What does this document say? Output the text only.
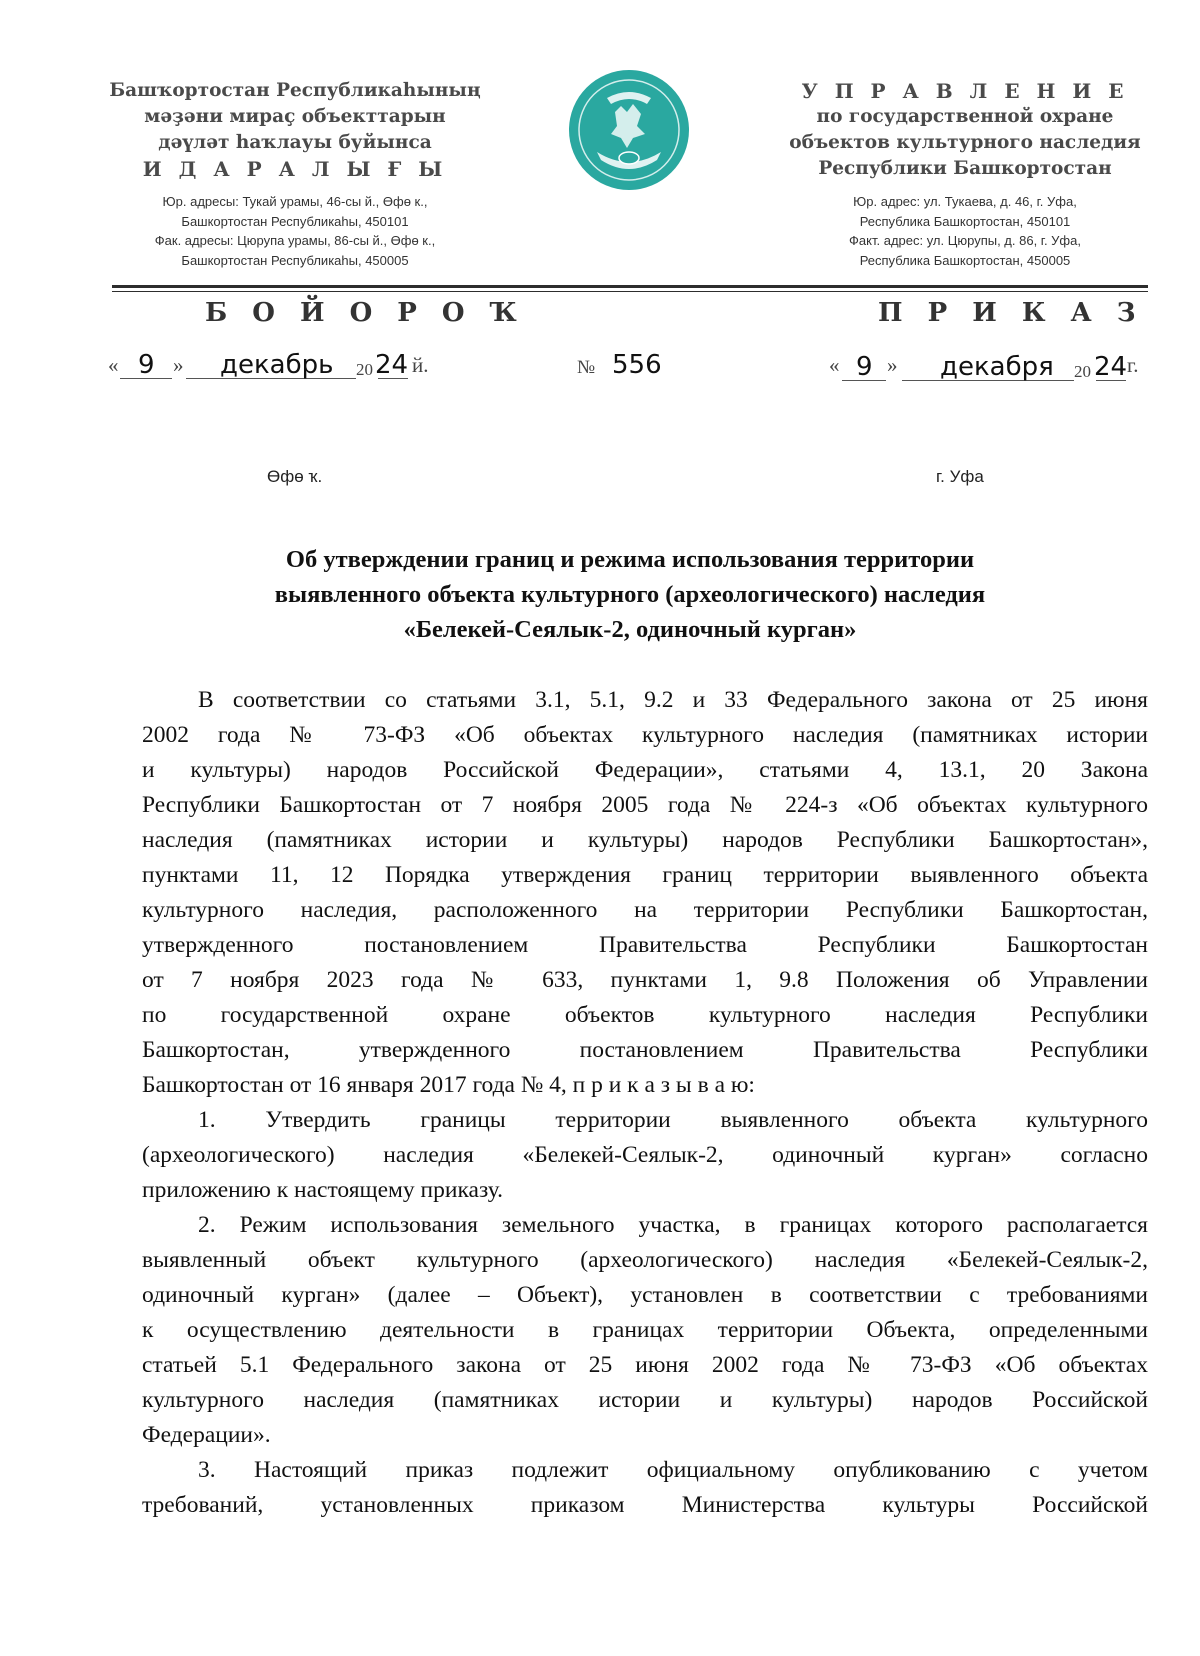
Башҡортостан Республикаһының
мәҙәни мираҫ объекттарын
дәүләт һаҡлауы буйынса
И Д А Р А Л Ы Ғ Ы
Юр. адресы: Тукай урамы, 46-сы й., Өфө к.,
Башкортостан Республикаhы, 450101
Фак. адресы: Цюрупа урамы, 86-сы й., Өфө к.,
Башкортостан Республикаhы, 450005
У П Р А В Л Е Н И Е
по государственной охране
объектов культурного наследия
Республики Башкортостан
Юр. адрес: ул. Тукаева, д. 46, г. Уфа,
Республика Башкортостан, 450101
Факт. адрес: ул. Цюрупы, д. 86, г. Уфа,
Республика Башкортостан, 450005
Б О Й О Р О Ҡ	П Р И К А З
« 9 » декабрь 20 24 й.	№ 556	« 9 » декабря 20 24 г.
Өфө ҡ.	г. Уфа
Об утверждении границ и режима использования территории
выявленного объекта культурного (археологического) наследия
«Белекей-Сеялык-2, одиночный курган»
В соответствии со статьями 3.1, 5.1, 9.2 и 33 Федерального закона от 25 июня
2002 года № 73-ФЗ «Об объектах культурного наследия (памятниках истории
и культуры) народов Российской Федерации», статьями 4, 13.1, 20 Закона
Республики Башкортостан от 7 ноября 2005 года № 224-з «Об объектах культурного
наследия (памятниках истории и культуры) народов Республики Башкортостан»,
пунктами 11, 12 Порядка утверждения границ территории выявленного объекта
культурного наследия, расположенного на территории Республики Башкортостан,
утвержденного постановлением Правительства Республики Башкортостан
от 7 ноября 2023 года № 633, пунктами 1, 9.8 Положения об Управлении
по государственной охране объектов культурного наследия Республики
Башкортостан, утвержденного постановлением Правительства Республики
Башкортостан от 16 января 2017 года № 4, п р и к а з ы в а ю:
1. Утвердить границы территории выявленного объекта культурного
(археологического) наследия «Белекей-Сеялык-2, одиночный курган» согласно
приложению к настоящему приказу.
2. Режим использования земельного участка, в границах которого располагается
выявленный объект культурного (археологического) наследия «Белекей-Сеялык-2,
одиночный курган» (далее – Объект), установлен в соответствии с требованиями
к осуществлению деятельности в границах территории Объекта, определенными
статьей 5.1 Федерального закона от 25 июня 2002 года № 73-ФЗ «Об объектах
культурного наследия (памятниках истории и культуры) народов Российской
Федерации».
3. Настоящий приказ подлежит официальному опубликованию с учетом
требований, установленных приказом Министерства культуры Российской
